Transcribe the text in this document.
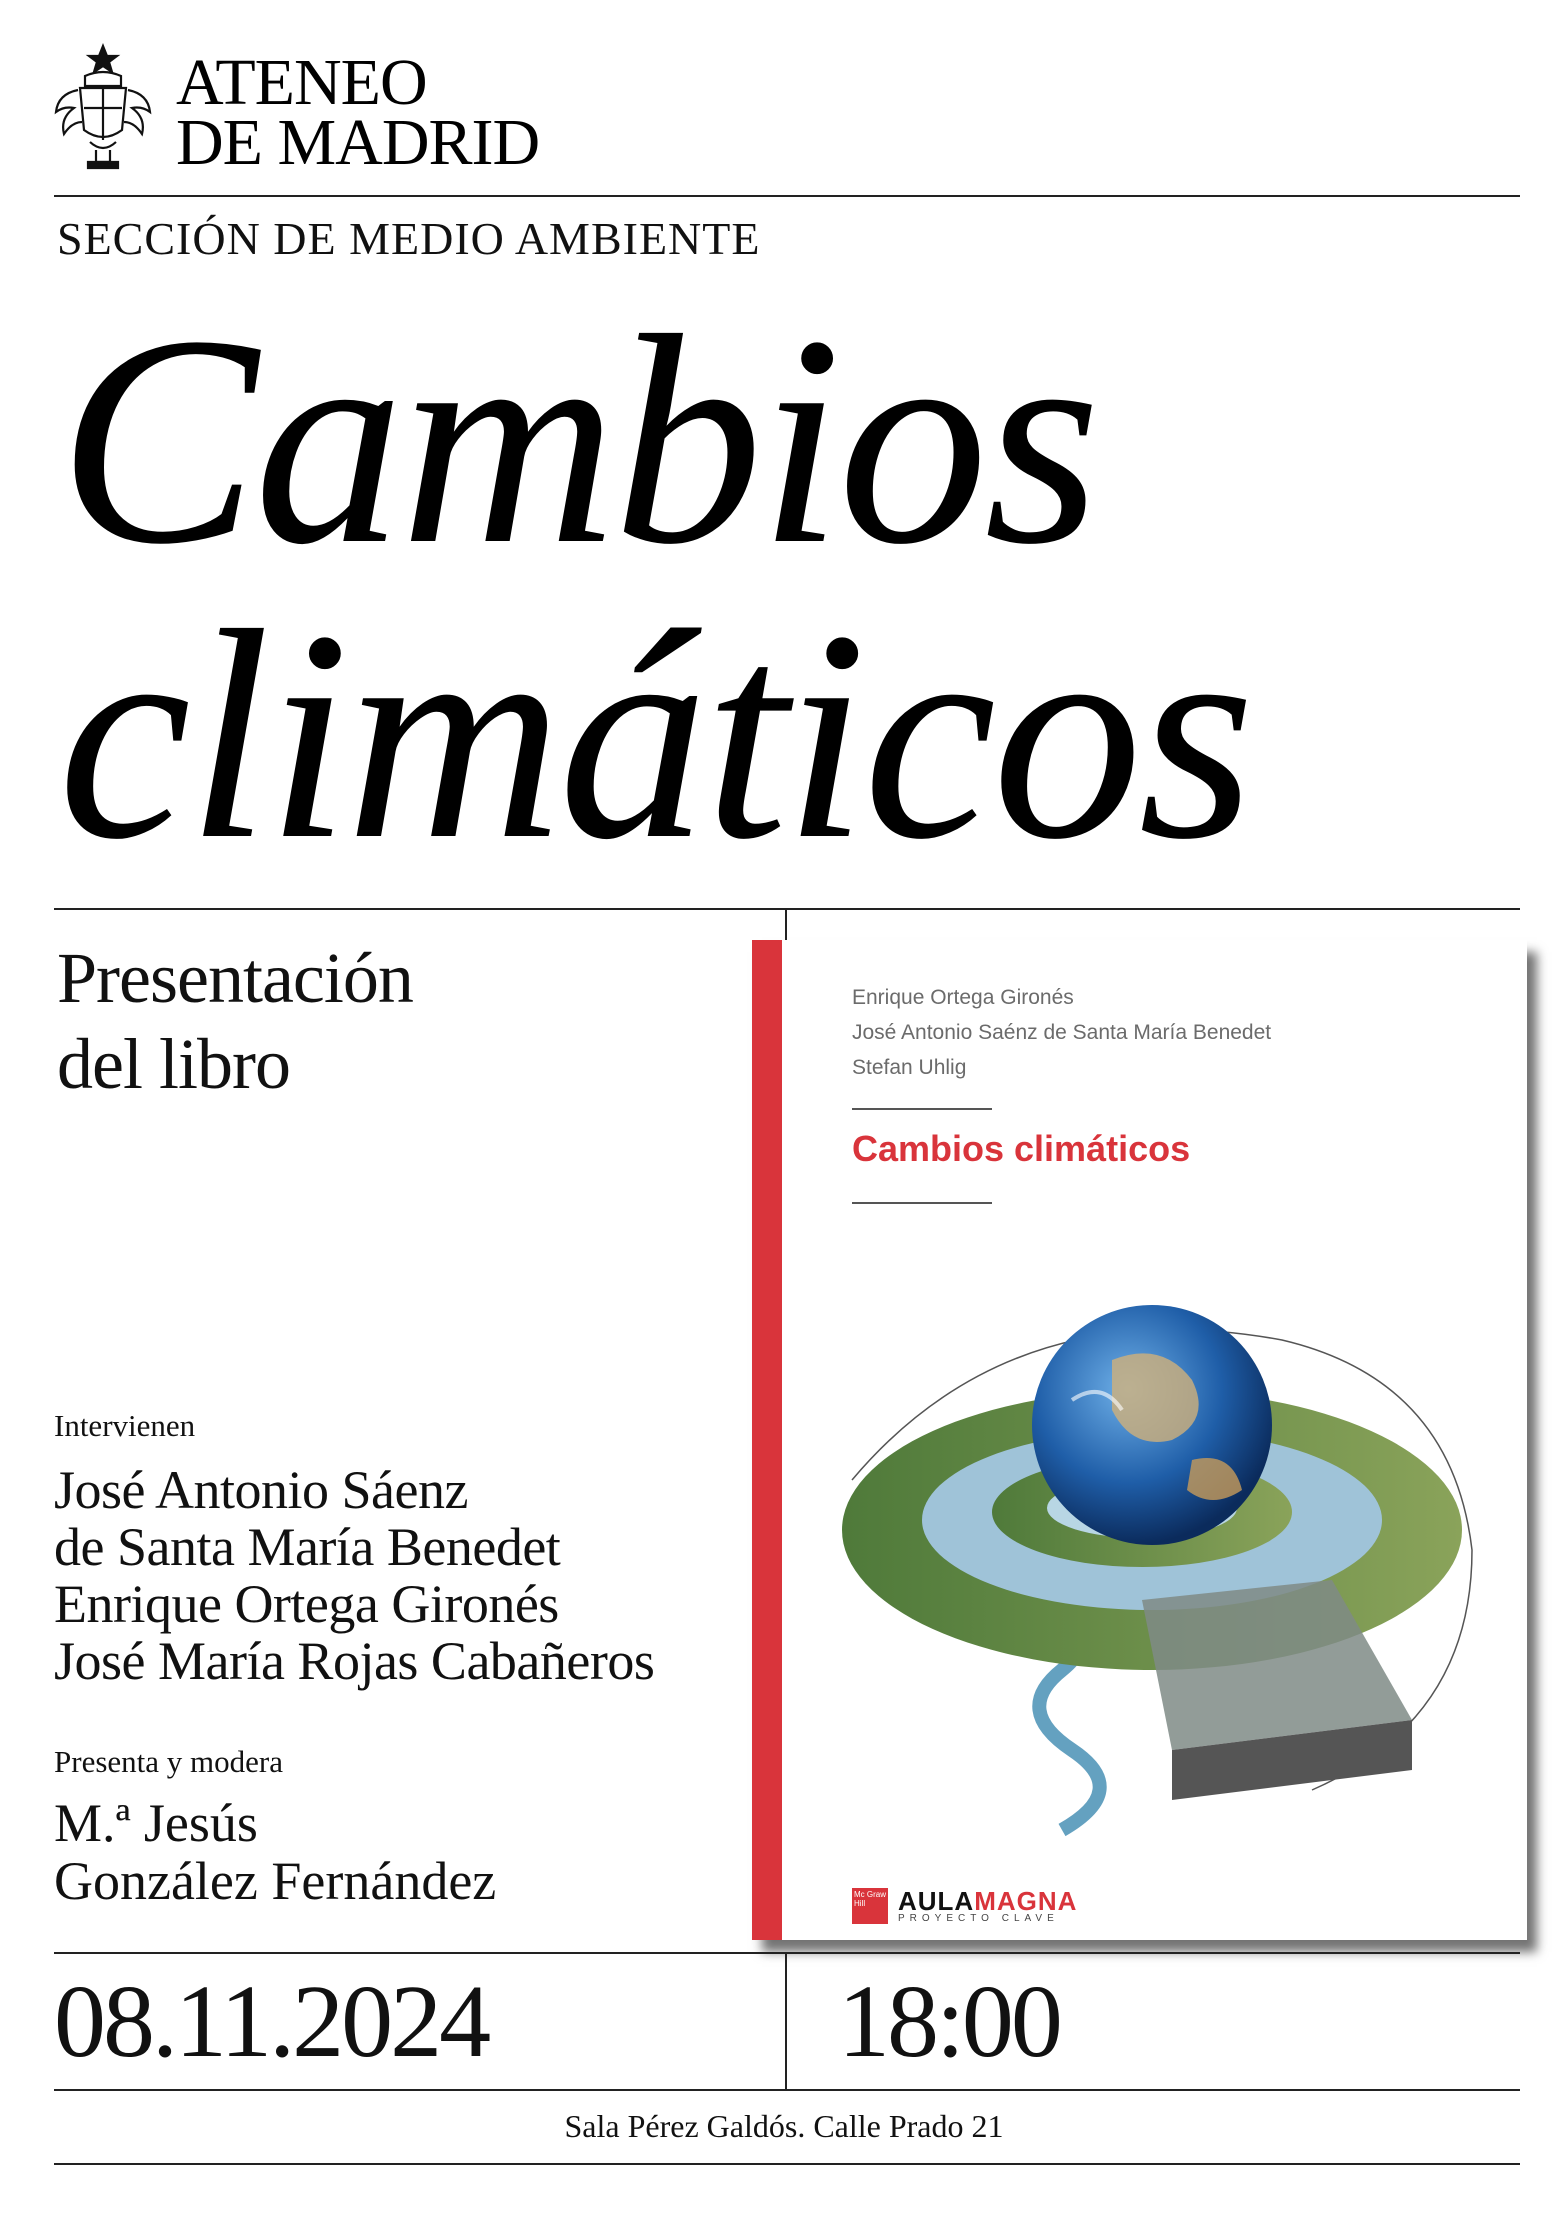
ATENEO
DE MADRID
SECCIÓN DE MEDIO AMBIENTE
Cambios
climáticos
Presentación
del libro
Intervienen
José Antonio Sáenz
de Santa María Benedet
Enrique Ortega Gironés
José María Rojas Cabañeros
Presenta y modera
M.ª Jesús
González Fernández
Enrique Ortega Gironés
José Antonio Saénz de Santa María Benedet
Stefan Uhlig
Cambios climáticos
Mc Graw Hill	AULAMAGNA
PROYECTO CLAVE
08.11.2024	18:00
Sala Pérez Galdós. Calle Prado 21
